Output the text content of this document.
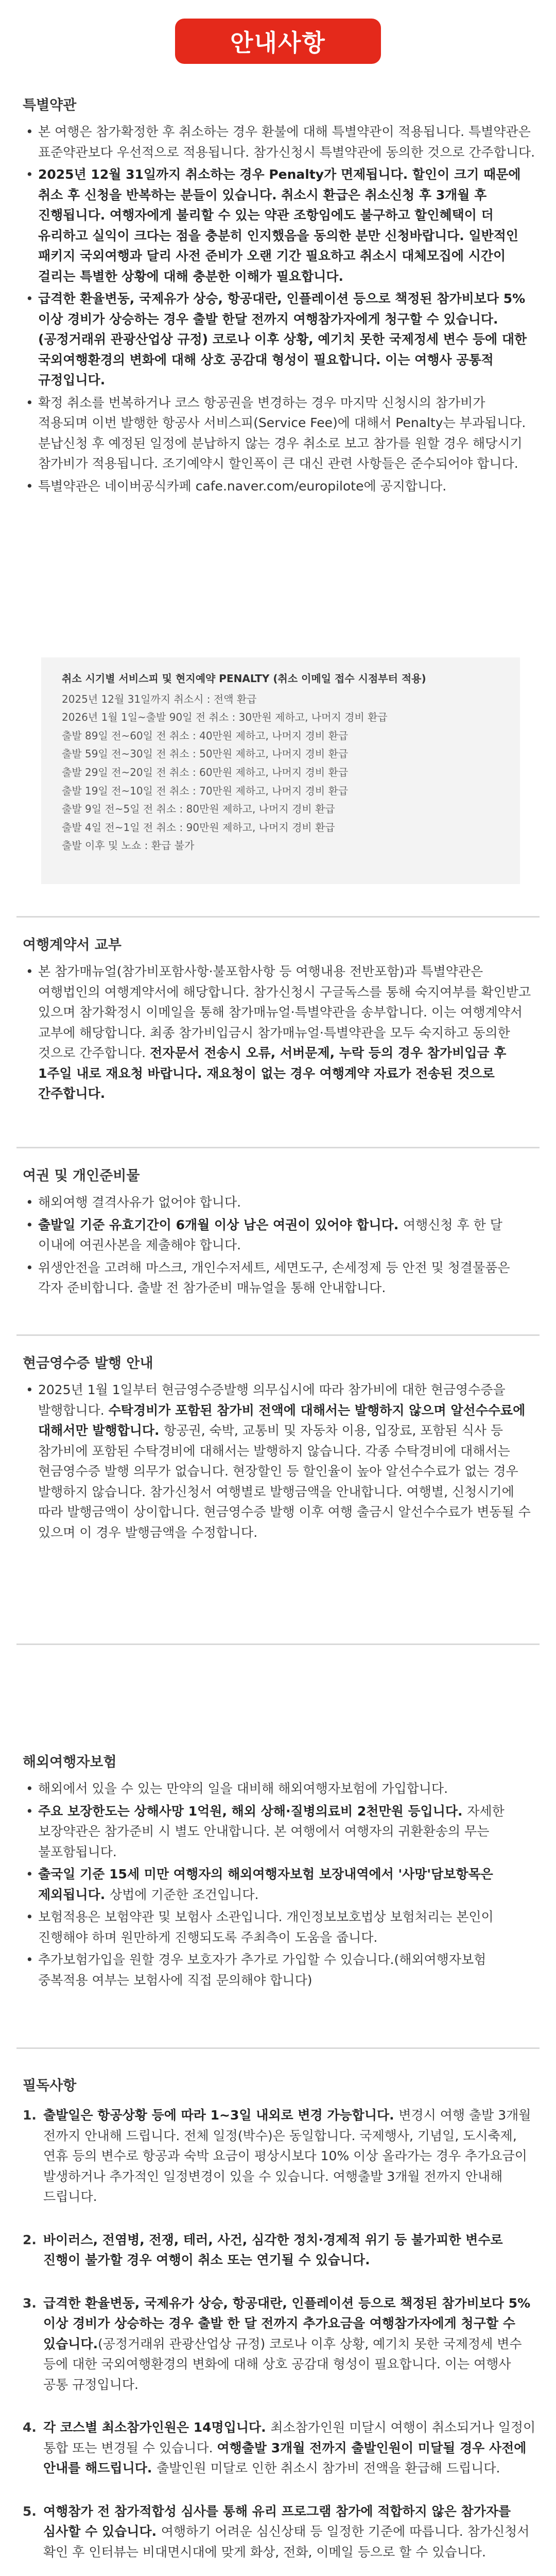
안내사항
특별약관
• 본 여행은 참가확정한 후 취소하는 경우 환불에 대해 특별약관이 적용됩니다. 특별약관은 표준약관보다 우선적으로 적용됩니다. 참가신청시 특별약관에 동의한 것으로 간주합니다.
• 2025년 12월 31일까지 취소하는 경우 Penalty가 면제됩니다. 할인이 크기 때문에 취소 후 신청을 반복하는 분들이 있습니다. 취소시 환급은 취소신청 후 3개월 후 진행됩니다. 여행자에게 불리할 수 있는 약관 조항임에도 불구하고 할인혜택이 더 유리하고 실익이 크다는 점을 충분히 인지했음을 동의한 분만 신청바랍니다. 일반적인 패키지 국외여행과 달리 사전 준비가 오랜 기간 필요하고 취소시 대체모집에 시간이 걸리는 특별한 상황에 대해 충분한 이해가 필요합니다.
• 급격한 환율변동, 국제유가 상승, 항공대란, 인플레이션 등으로 책정된 참가비보다 5% 이상 경비가 상승하는 경우 출발 한달 전까지 여행참가자에게 청구할 수 있습니다.(공정거래위 관광산업상 규정) 코로나 이후 상황, 예기치 못한 국제정세 변수 등에 대한 국외여행환경의 변화에 대해 상호 공감대 형성이 필요합니다. 이는 여행사 공통적 규정입니다.
• 확정 취소를 번복하거나 코스 항공권을 변경하는 경우 마지막 신청시의 참가비가 적용되며 이번 발행한 항공사 서비스피(Service Fee)에 대해서 Penalty는 부과됩니다. 분납신청 후 예정된 일정에 분납하지 않는 경우 취소로 보고 참가를 원할 경우 해당시기 참가비가 적용됩니다. 조기예약시 할인폭이 큰 대신 관련 사항들은 준수되어야 합니다.
• 특별약관은 네이버공식카페 cafe.naver.com/europilote에 공지합니다.
취소 시기별 서비스피 및 현지예약 PENALTY (취소 이메일 접수 시점부터 적용)
2025년 12월 31일까지 취소시 : 전액 환급
2026년 1월 1일~출발 90일 전 취소 : 30만원 제하고, 나머지 경비 환급
출발 89일 전~60일 전 취소 : 40만원 제하고, 나머지 경비 환급
출발 59일 전~30일 전 취소 : 50만원 제하고, 나머지 경비 환급
출발 29일 전~20일 전 취소 : 60만원 제하고, 나머지 경비 환급
출발 19일 전~10일 전 취소 : 70만원 제하고, 나머지 경비 환급
출발 9일 전~5일 전 취소 : 80만원 제하고, 나머지 경비 환급
출발 4일 전~1일 전 취소 : 90만원 제하고, 나머지 경비 환급
출발 이후 및 노쇼 : 환급 불가
여행계약서 교부
• 본 참가매뉴얼(참가비포함사항·불포함사항 등 여행내용 전반포함)과 특별약관은 여행법인의 여행계약서에 해당합니다. 참가신청시 구글독스를 통해 숙지여부를 확인받고 있으며 참가확정시 이메일을 통해 참가매뉴얼·특별약관을 송부합니다. 이는 여행계약서 교부에 해당합니다. 최종 참가비입금시 참가매뉴얼·특별약관을 모두 숙지하고 동의한 것으로 간주합니다. 전자문서 전송시 오류, 서버문제, 누락 등의 경우 참가비입금 후 1주일 내로 재요청 바랍니다. 재요청이 없는 경우 여행계약 자료가 전송된 것으로 간주합니다.
여권 및 개인준비물
• 해외여행 결격사유가 없어야 합니다.
• 출발일 기준 유효기간이 6개월 이상 남은 여권이 있어야 합니다. 여행신청 후 한 달 이내에 여권사본을 제출해야 합니다.
• 위생안전을 고려해 마스크, 개인수저세트, 세면도구, 손세정제 등 안전 및 청결물품은 각자 준비합니다. 출발 전 참가준비 매뉴얼을 통해 안내합니다.
현금영수증 발행 안내
• 2025년 1월 1일부터 현금영수증발행 의무십시에 따라 참가비에 대한 현금영수증을 발행합니다. 수탁경비가 포함된 참가비 전액에 대해서는 발행하지 않으며 알선수수료에 대해서만 발행합니다. 항공권, 숙박, 교통비 및 자동차 이용, 입장료, 포함된 식사 등 참가비에 포함된 수탁경비에 대해서는 발행하지 않습니다. 각종 수탁경비에 대해서는 현금영수증 발행 의무가 없습니다. 현장할인 등 할인율이 높아 알선수수료가 없는 경우 발행하지 않습니다. 참가신청서 여행별로 발행금액을 안내합니다. 여행별, 신청시기에 따라 발행금액이 상이합니다. 현금영수증 발행 이후 여행 출금시 알선수수료가 변동될 수 있으며 이 경우 발행금액을 수정합니다.
해외여행자보험
• 해외에서 있을 수 있는 만약의 일을 대비해 해외여행자보험에 가입합니다.
• 주요 보장한도는 상해사망 1억원, 해외 상해·질병의료비 2천만원 등입니다. 자세한 보장약관은 참가준비 시 별도 안내합니다. 본 여행에서 여행자의 귀환환송의 무는 불포함됩니다.
• 출국일 기준 15세 미만 여행자의 해외여행자보험 보장내역에서 '사망'담보항목은 제외됩니다. 상법에 기준한 조건입니다.
• 보험적용은 보험약관 및 보험사 소관입니다. 개인정보보호법상 보험처리는 본인이 진행해야 하며 원만하게 진행되도록 주최측이 도움을 줍니다.
• 추가보험가입을 원할 경우 보호자가 추가로 가입할 수 있습니다.(해외여행자보험 중복적용 여부는 보험사에 직접 문의해야 합니다)
필독사항
1. 출발일은 항공상황 등에 따라 1~3일 내외로 변경 가능합니다. 변경시 여행 출발 3개월 전까지 안내해 드립니다. 전체 일정(박수)은 동일합니다. 국제행사, 기념일, 도시축제, 연휴 등의 변수로 항공과 숙박 요금이 평상시보다 10% 이상 올라가는 경우 추가요금이 발생하거나 추가적인 일정변경이 있을 수 있습니다. 여행출발 3개월 전까지 안내해 드립니다.
2. 바이러스, 전염병, 전쟁, 테러, 사건, 심각한 정치·경제적 위기 등 불가피한 변수로 진행이 불가할 경우 여행이 취소 또는 연기될 수 있습니다.
3. 급격한 환율변동, 국제유가 상승, 항공대란, 인플레이션 등으로 책정된 참가비보다 5% 이상 경비가 상승하는 경우 출발 한 달 전까지 추가요금을 여행참가자에게 청구할 수 있습니다.(공정거래위 관광산업상 규정) 코로나 이후 상황, 예기치 못한 국제정세 변수 등에 대한 국외여행환경의 변화에 대해 상호 공감대 형성이 필요합니다. 이는 여행사 공통 규정입니다.
4. 각 코스별 최소참가인원은 14명입니다. 최소참가인원 미달시 여행이 취소되거나 일정이 통합 또는 변경될 수 있습니다. 여행출발 3개월 전까지 출발인원이 미달될 경우 사전에 안내를 해드립니다. 출발인원 미달로 인한 취소시 참가비 전액을 환급해 드립니다.
5. 여행참가 전 참가적합성 심사를 통해 유리 프로그램 참가에 적합하지 않은 참가자를 심사할 수 있습니다. 여행하기 어려운 심신상태 등 일정한 기준에 따릅니다. 참가신청서 확인 후 인터뷰는 비대면시대에 맞게 화상, 전화, 이메일 등으로 할 수 있습니다.
